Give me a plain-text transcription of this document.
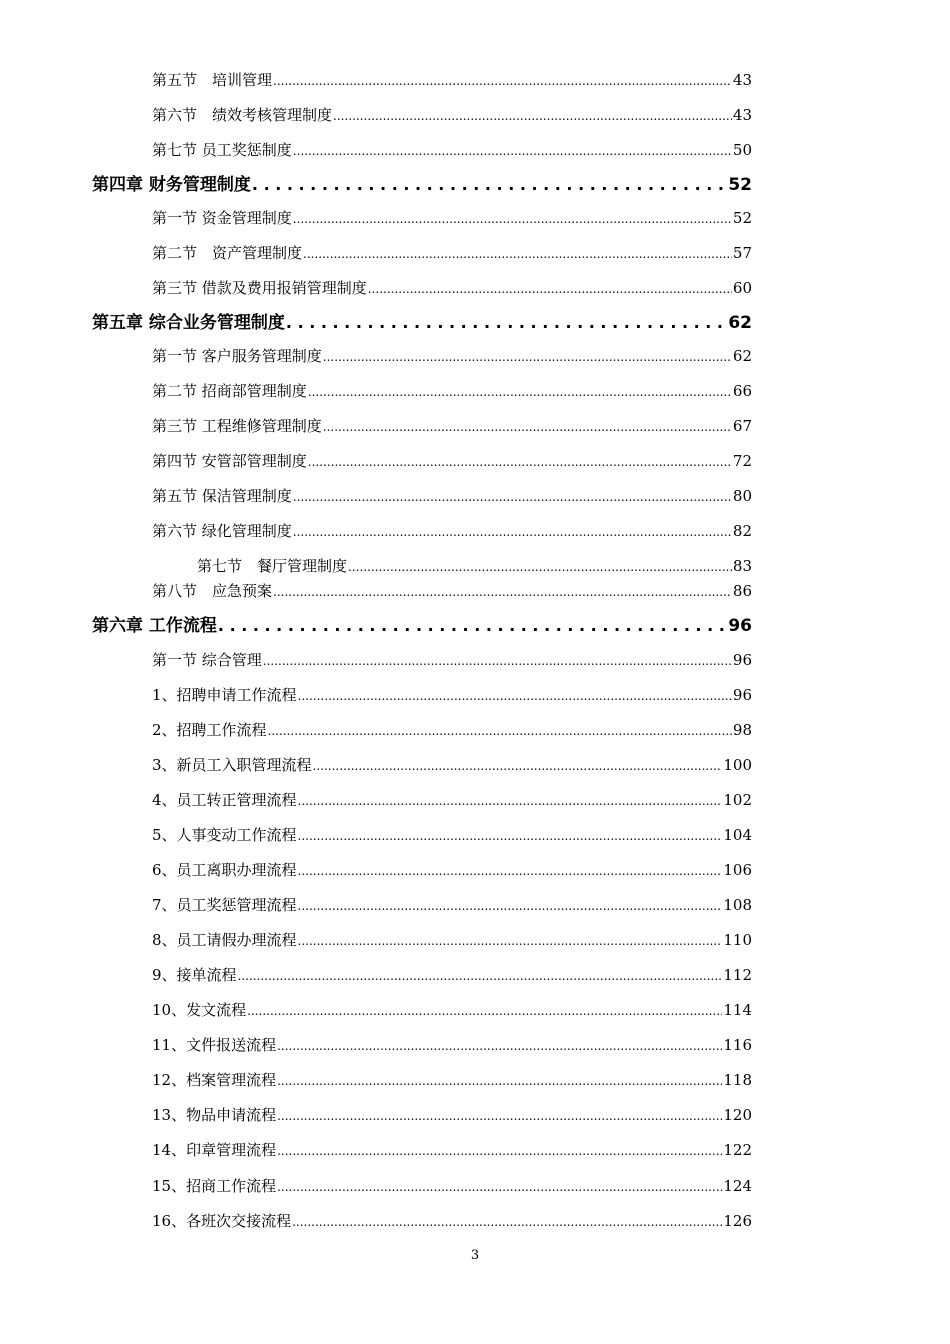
第五节　培训管理 .....	43
第六节　绩效考核管理制度 .....	43
第七节 员工奖惩制度 .....	50
第四章 财务管理制度 . . .	52
第一节 资金管理制度 .....	52
第二节　资产管理制度 .....	57
第三节 借款及费用报销管理制度 .....	60
第五章 综合业务管理制度 . . .	62
第一节 客户服务管理制度 .....	62
第二节 招商部管理制度 .....	66
第三节 工程维修管理制度 .....	67
第四节 安管部管理制度 .....	72
第五节 保洁管理制度 .....	80
第六节 绿化管理制度 .....	82
第七节　餐厅管理制度 .....	83
第八节　应急预案 .....	86
第六章 工作流程 . . .	96
第一节 综合管理 .....	96
1、招聘申请工作流程 .....	96
2、招聘工作流程 .....	98
3、新员工入职管理流程 .....	100
4、员工转正管理流程 .....	102
5、人事变动工作流程 .....	104
6、员工离职办理流程 .....	106
7、员工奖惩管理流程 .....	108
8、员工请假办理流程 .....	110
9、接单流程 .....	112
10、发文流程 .....	114
11、文件报送流程 .....	116
12、档案管理流程 .....	118
13、物品申请流程 .....	120
14、印章管理流程 .....	122
15、招商工作流程 .....	124
16、各班次交接流程 .....	126
3
